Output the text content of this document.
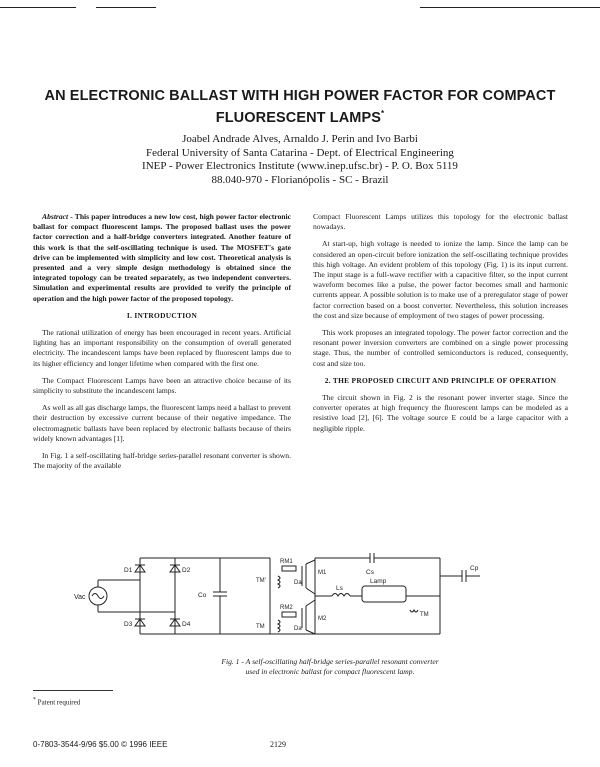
AN ELECTRONIC BALLAST WITH HIGH POWER FACTOR FOR COMPACT FLUORESCENT LAMPS*
Joabel Andrade Alves, Arnaldo J. Perin and Ivo Barbi
Federal University of Santa Catarina - Dept. of Electrical Engineering
INEP - Power Electronics Institute (www.inep.ufsc.br) - P. O. Box 5119
88.040-970 - Florianópolis - SC - Brazil

Abstract - This paper introduces a new low cost, high power factor electronic ballast for compact fluorescent lamps. The proposed ballast uses the power factor correction and a half-bridge converters integrated. Another feature of this work is that the self-oscillating technique is used. The MOSFET's gate drive can be implemented with simplicity and low cost. Theoretical analysis is presented and a very simple design methodology is obtained since the integrated topology can be treated separately, as two independent converters. Simulation and experimental results are provided to verify the principle of operation and the high power factor of the proposed topology.

I. INTRODUCTION

The rational utilization of energy has been encouraged in recent years. Artificial lighting has an important responsibility on the consumption of overall generated electricity. The incandescent lamps have been replaced by fluorescent lamps due to its higher efficiency and longer lifetime when compared with the first one.

The Compact Fluorescent Lamps have been an attractive choice because of its simplicity to substitute the incandescent lamps.

As well as all gas discharge lamps, the fluorescent lamps need a ballast to prevent their destruction by excessive current because of their negative impedance. The electromagnetic ballasts have been replaced by electronic ballasts because of theirs widely known advantages [1].

In Fig. 1 a self-oscillating half-bridge series-parallel resonant converter is shown. The majority of the available

Compact Fluorescent Lamps utilizes this topology for the electronic ballast nowadays.

At start-up, high voltage is needed to ionize the lamp. Since the lamp can be considered an open-circuit before ionization the self-oscillating technique provides this high voltage. An evident problem of this topology (Fig. 1) is its input current. The input stage is a full-wave rectifier with a capacitive filter, so the input current waveform becomes like a pulse, the power factor becomes small and harmonic currents appear. A possible solution is to make use of a preregulator stage of power factor correction based on a boost converter. Nevertheless, this solution increases the cost and size because of employment of two stages of power processing.

This work proposes an integrated topology. The power factor correction and the resonant power inversion converters are combined on a single power processing stage. Thus, the number of controlled semiconductors is reduced, consequently, cost and size too.

2. THE PROPOSED CIRCUIT AND PRINCIPLE OF OPERATION

The circuit shown in Fig. 2 is the resonant power inverter stage. Since the converter operates at high frequency the fluorescent lamps can be modeled as a resistive load [2], [6]. The voltage source E could be a large capacitor with a negligible ripple.

Vac
D1	D2
D3	D4
Co
RM1
RM2
TM'
TM
M1
M2
Da
Da
Ls
Cs
Lamp
TM
Cp
Fig. 1 - A self-oscillating half-bridge series-parallel resonant converter
used in electronic ballast for compact fluorescent lamp.
* Patent required
0-7803-3544-9/96 $5.00 © 1996 IEEE	2129
